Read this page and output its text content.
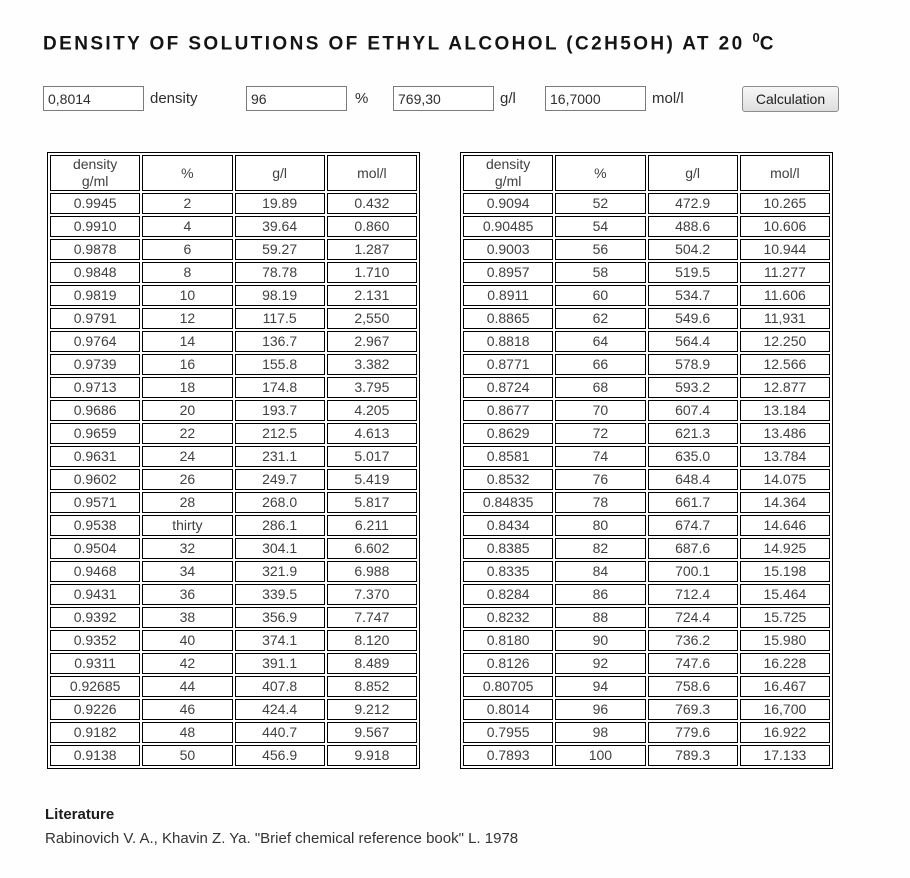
DENSITY OF SOLUTIONS OF ETHYL ALCOHOL (C2H5OH) AT 20 $^0$C
0,8014
density
96	%
769,30	g/l
16,7000	mol/l	Calculation
density
g/ml	%	g/l	mol/l
0.9945	2	19.89	0.432
0.9910	4	39.64	0.860
0.9878	6	59.27	1.287
0.9848	8	78.78	1.710
0.9819	10	98.19	2.131
0.9791	12	117.5	2,550
0.9764	14	136.7	2.967
0.9739	16	155.8	3.382
0.9713	18	174.8	3.795
0.9686	20	193.7	4.205
0.9659	22	212.5	4.613
0.9631	24	231.1	5.017
0.9602	26	249.7	5.419
0.9571	28	268.0	5.817
0.9538	thirty	286.1	6.211
0.9504	32	304.1	6.602
0.9468	34	321.9	6.988
0.9431	36	339.5	7.370
0.9392	38	356.9	7.747
0.9352	40	374.1	8.120
0.9311	42	391.1	8.489
0.92685	44	407.8	8.852
0.9226	46	424.4	9.212
0.9182	48	440.7	9.567
0.9138	50	456.9	9.918
density
g/ml	%	g/l	mol/l
0.9094	52	472.9	10.265
0.90485	54	488.6	10.606
0.9003	56	504.2	10.944
0.8957	58	519.5	11.277
0.8911	60	534.7	11.606
0.8865	62	549.6	11,931
0.8818	64	564.4	12.250
0.8771	66	578.9	12.566
0.8724	68	593.2	12.877
0.8677	70	607.4	13.184
0.8629	72	621.3	13.486
0.8581	74	635.0	13.784
0.8532	76	648.4	14.075
0.84835	78	661.7	14.364
0.8434	80	674.7	14.646
0.8385	82	687.6	14.925
0.8335	84	700.1	15.198
0.8284	86	712.4	15.464
0.8232	88	724.4	15.725
0.8180	90	736.2	15.980
0.8126	92	747.6	16.228
0.80705	94	758.6	16.467
0.8014	96	769.3	16,700
0.7955	98	779.6	16.922
0.7893	100	789.3	17.133

Literature

Rabinovich V. A., Khavin Z. Ya. "Brief chemical reference book" L. 1978
